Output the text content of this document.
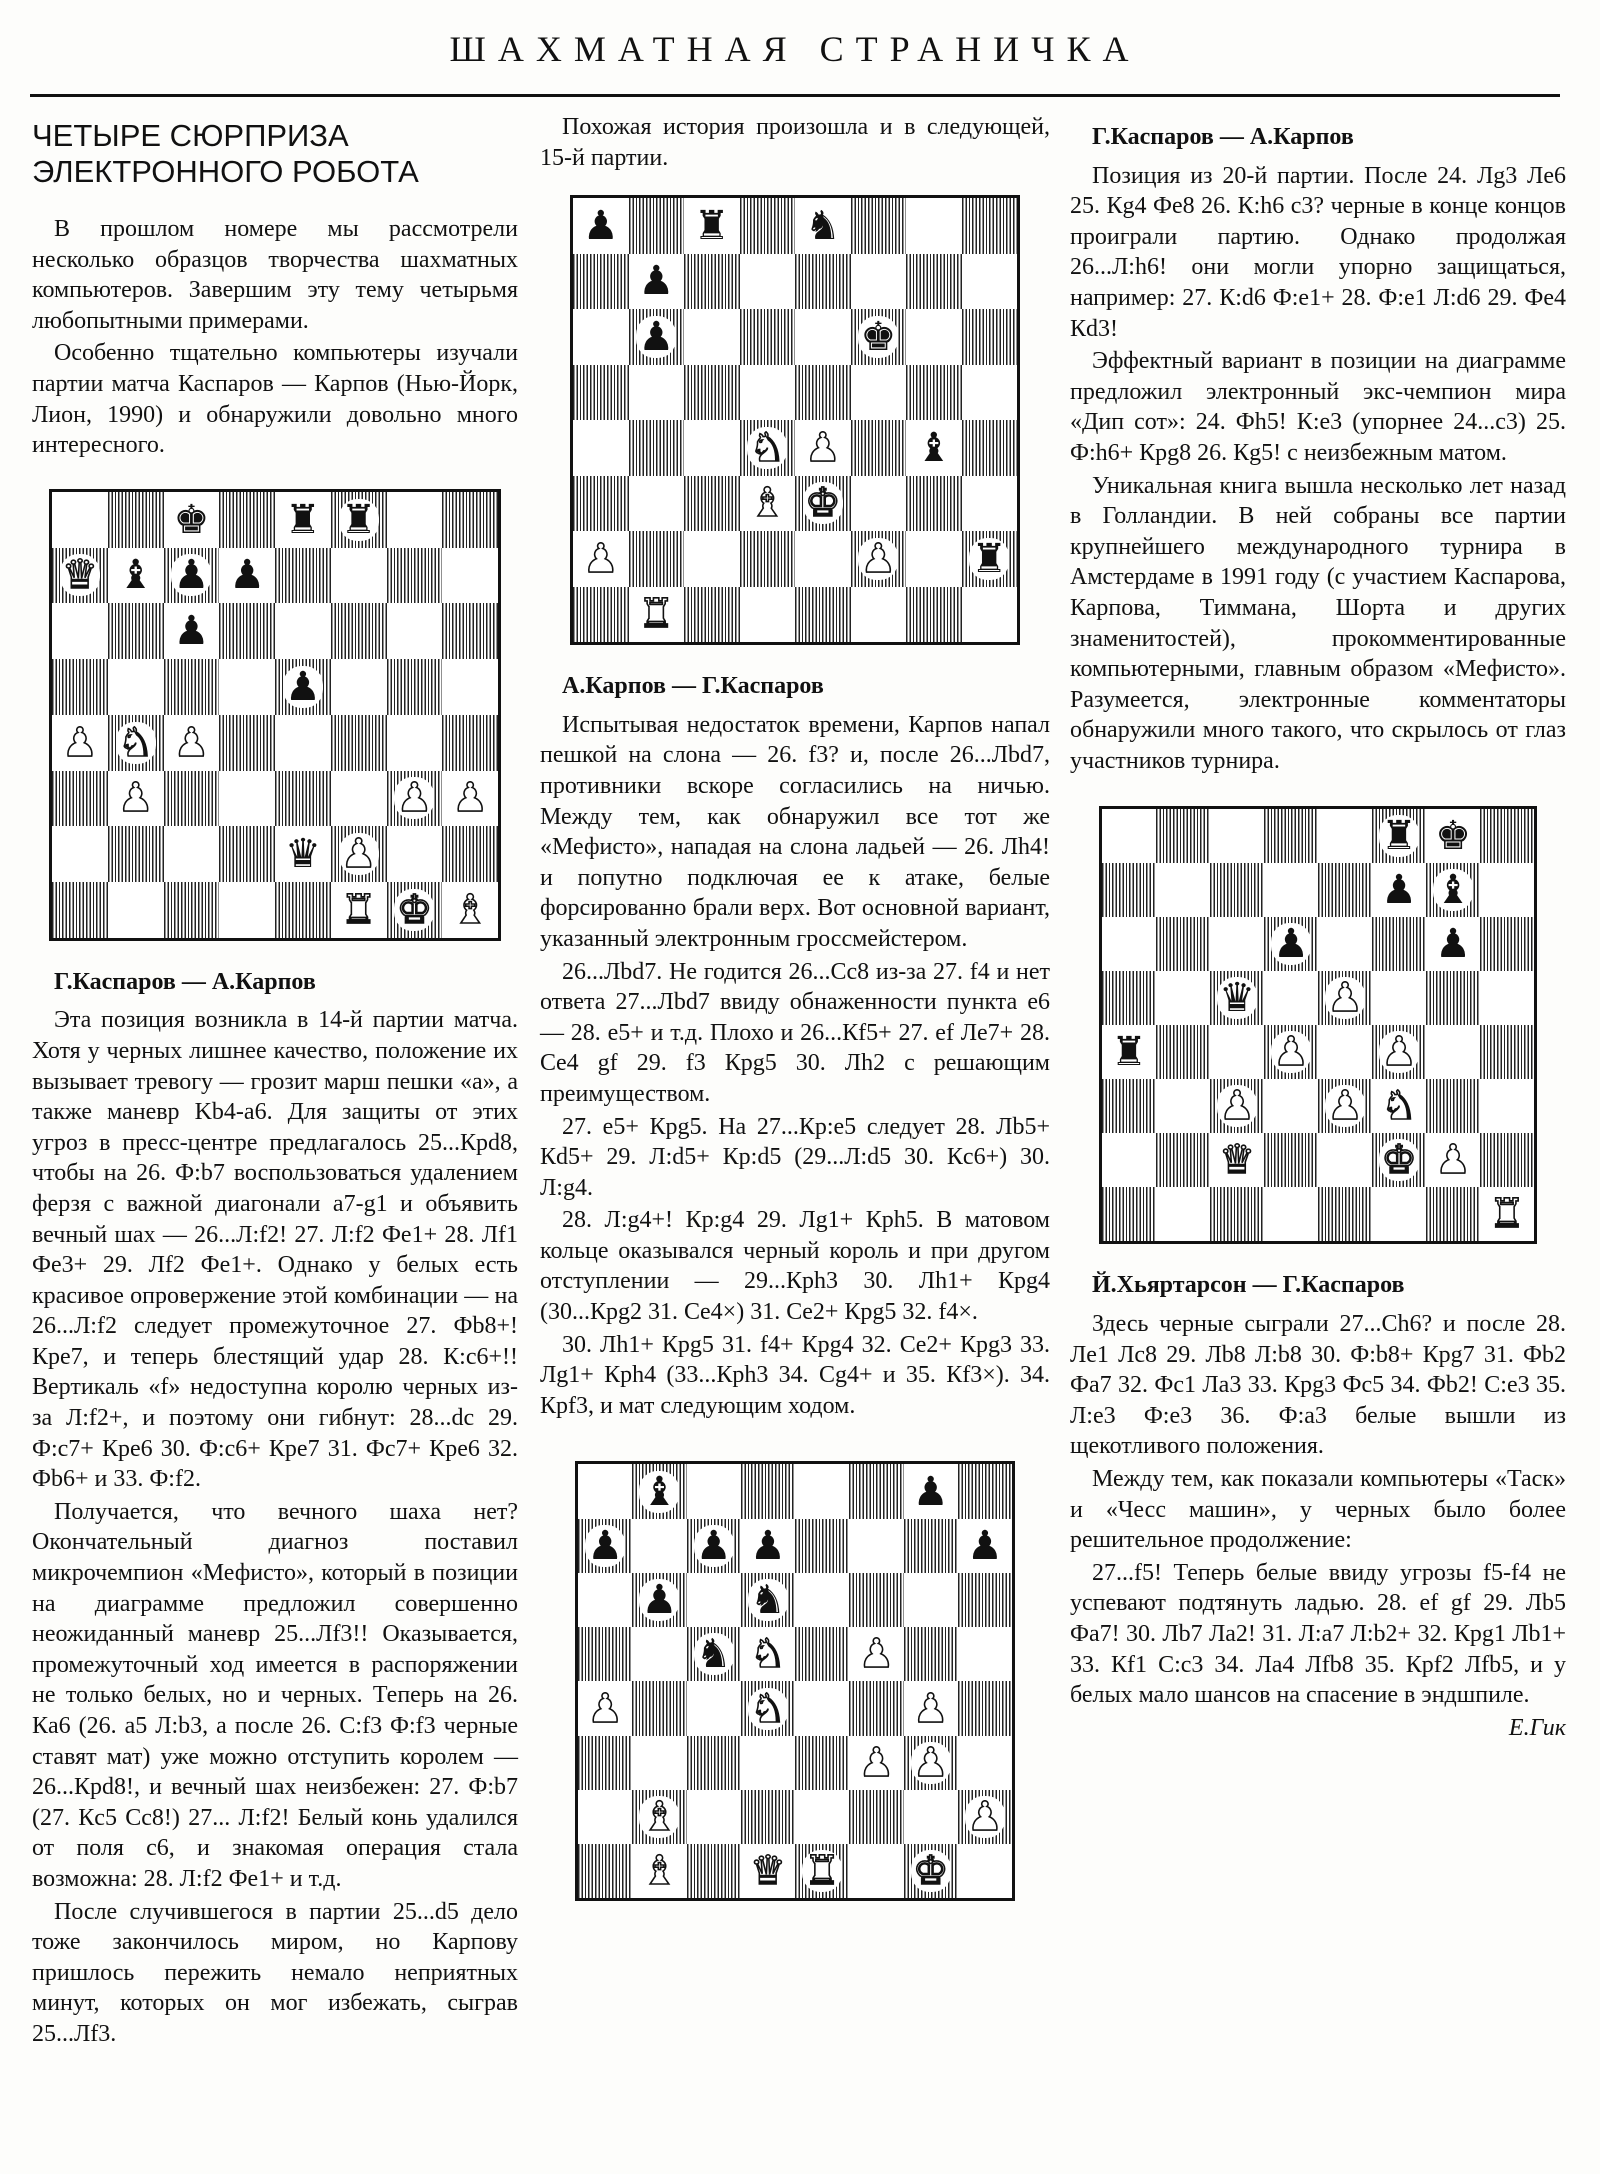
ШАХМАТНАЯ СТРАНИЧКА
ЧЕТЫРЕ СЮРПРИЗА ЭЛЕКТРОННОГО РОБОТА

В прошлом номере мы рассмотрели несколько образцов творчества шахматных компьютеров. Завершим эту тему четырьмя любопытными примерами.

Особенно тщательно компьютеры изучали партии матча Каспаров — Карпов (Нью-Йорк, Лион, 1990) и обнаружили довольно много интересного.

♚ ♜ ♜
♛ ♝ ♟ ♟
♟
♟
♟ ♞ ♟
♟	♟ ♟
♛ ♟
♜ ♚ ♝
Г.Каспаров — А.Карпов

Эта позиция возникла в 14-й партии матча. Хотя у черных лишнее качество, положение их вызывает тревогу — грозит марш пешки «а», а также маневр Kb4-a6. Для защиты от этих угроз в пресс-центре предлагалось 25...Крd8, чтобы на 26. Ф:b7 воспользоваться удалением ферзя с важной диагонали a7-g1 и объявить вечный шах — 26...Л:f2! 27. Л:f2 Фe1+ 28. Лf1 Фe3+ 29. Лf2 Фe1+. Однако у белых есть красивое опровержение этой комбинации — на 26...Л:f2 следует промежуточное 27. Фb8+! Крe7, и теперь блестящий удар 28. К:c6+!! Вертикаль «f» недоступна королю черных из-за Л:f2+, и поэтому они гибнут: 28...dc 29. Ф:c7+ Крe6 30. Ф:c6+ Крe7 31. Фc7+ Крe6 32. Фb6+ и 33. Ф:f2.

Получается, что вечного шаха нет? Окончательный диагноз поставил микрочемпион «Мефисто», который в позиции на диаграмме предложил совершенно неожиданный маневр 25...Лf3!! Оказывается, промежуточный ход имеется в распоряжении не только белых, но и черных. Теперь на 26. Кa6 (26. a5 Л:b3, а после 26. С:f3 Ф:f3 черные ставят мат) уже можно отступить королем — 26...Крd8!, и вечный шах неизбежен: 27. Ф:b7 (27. Кc5 Сc8!) 27... Л:f2! Белый конь удалился от поля c6, и знакомая операция стала возможна: 28. Л:f2 Фe1+ и т.д.

После случившегося в партии 25...d5 дело тоже закончилось миром, но Карпову пришлось пережить немало неприятных минут, которых он мог избежать, сыграв 25...Лf3.

Похожая история произошла и в следующей, 15-й партии.

♟ ♜ ♞
♟
♟	♚
♞ ♟ ♝
♝ ♚
♟	♟ ♜
♜
А.Карпов — Г.Каспаров

Испытывая недостаток времени, Карпов напал пешкой на слона — 26. f3? и, после 26...Лbd7, противники вскоре согласились на ничью. Между тем, как обнаружил все тот же «Мефисто», нападая на слона ладьей — 26. Лh4! и попутно подключая ее к атаке, белые форсированно брали верх. Вот основной вариант, указанный электронным гроссмейстером.

26...Лbd7. Не годится 26...Сc8 из-за 27. f4 и нет ответа 27...Лbd7 ввиду обнаженности пункта e6 — 28. e5+ и т.д. Плохо и 26...Кf5+ 27. ef Лe7+ 28. Сe4 gf 29. f3 Крg5 30. Лh2 с решающим преимуществом.

27. e5+ Крg5. На 27...Кр:e5 следует 28. Лb5+ Кd5+ 29. Л:d5+ Кр:d5 (29...Л:d5 30. Кc6+) 30. Л:g4.

28. Л:g4+! Кр:g4 29. Лg1+ Крh5. В матовом кольце оказывался черный король и при другом отступлении — 29...Крh3 30. Лh1+ Крg4 (30...Крg2 31. Сe4×) 31. Сe2+ Крg5 32. f4×.

30. Лh1+ Крg5 31. f4+ Крg4 32. Сe2+ Крg3 33. Лg1+ Крh4 (33...Крh3 34. Сg4+ и 35. Кf3×). 34. Крf3, и мат следующим ходом.

♝	♟
♟ ♟ ♟	♟
♟ ♞
♞ ♞ ♟
♟	♞	♟
♟ ♟
♝	♟
♝ ♛ ♜ ♚
Г.Каспаров — А.Карпов

Позиция из 20-й партии. После 24. Лg3 Лe6 25. Кg4 Фe8 26. К:h6 c3? черные в конце концов проиграли партию. Однако продолжая 26...Л:h6! они могли упорно защищаться, например: 27. К:d6 Ф:e1+ 28. Ф:e1 Л:d6 29. Фe4 Кd3!

Эффектный вариант в позиции на диаграмме предложил электронный экс-чемпион мира «Дип сот»: 24. Фh5! К:e3 (упорнее 24...c3) 25. Ф:h6+ Крg8 26. Кg5! с неизбежным матом.

Уникальная книга вышла несколько лет назад в Голландии. В ней собраны все партии крупнейшего международного турнира в Амстердаме в 1991 году (с участием Каспарова, Карпова, Тиммана, Шорта и других знаменитостей), прокомментированные компьютерными, главным образом «Мефисто». Разумеется, электронные комментаторы обнаружили много такого, что скрылось от глаз участников турнира.

♜ ♚
♟ ♝
♟	♟
♛ ♟
♜	♟ ♟
♟ ♟ ♞
♛	♚ ♟
♜
Й.Хьяртарсон — Г.Каспаров

Здесь черные сыграли 27...Сh6? и после 28. Лe1 Лc8 29. Лb8 Л:b8 30. Ф:b8+ Крg7 31. Фb2 Фa7 32. Фc1 Лa3 33. Крg3 Фc5 34. Фb2! С:e3 35. Л:e3 Ф:e3 36. Ф:a3 белые вышли из щекотливого положения.

Между тем, как показали компьютеры «Таск» и «Чесс машин», у черных было более решительное продолжение:

27...f5! Теперь белые ввиду угрозы f5-f4 не успевают подтянуть ладью. 28. ef gf 29. Лb5 Фa7! 30. Лb7 Лa2! 31. Л:a7 Л:b2+ 32. Крg1 Лb1+ 33. Кf1 С:c3 34. Лa4 Лfb8 35. Крf2 Лfb5, и у белых мало шансов на спасение в эндшпиле.

Е.Гик
